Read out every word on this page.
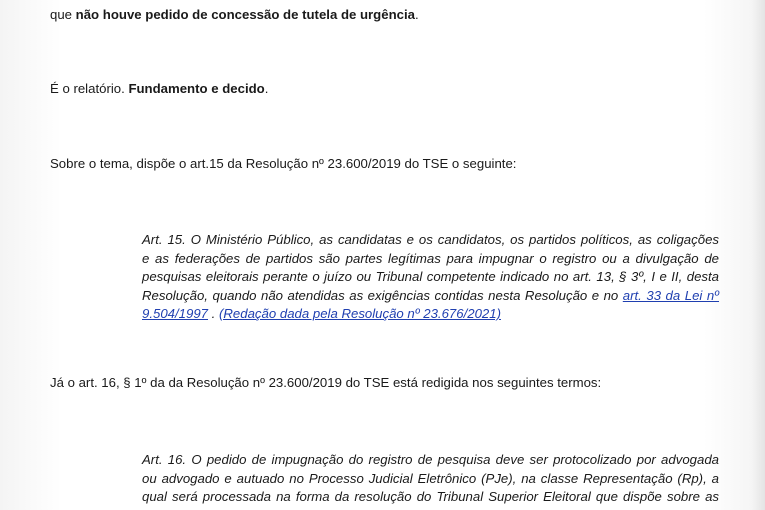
que não houve pedido de concessão de tutela de urgência.
É o relatório. Fundamento e decido.
Sobre o tema, dispõe o art.15 da Resolução nº 23.600/2019 do TSE o seguinte:
Art. 15. O Ministério Público, as candidatas e os candidatos, os partidos políticos, as coligações
e as federações de partidos são partes legítimas para impugnar o registro ou a divulgação de
pesquisas eleitorais perante o juízo ou Tribunal competente indicado no art. 13, § 3º, I e II, desta
Resolução, quando não atendidas as exigências contidas nesta Resolução e no art. 33 da Lei nº
9.504/1997 . (Redação dada pela Resolução nº 23.676/2021)
Já o art. 16, § 1º da da Resolução nº 23.600/2019 do TSE está redigida nos seguintes termos:
Art. 16. O pedido de impugnação do registro de pesquisa deve ser protocolizado por advogada
ou advogado e autuado no Processo Judicial Eletrônico (PJe), na classe Representação (Rp), a
qual será processada na forma da resolução do Tribunal Superior Eleitoral que dispõe sobre as
